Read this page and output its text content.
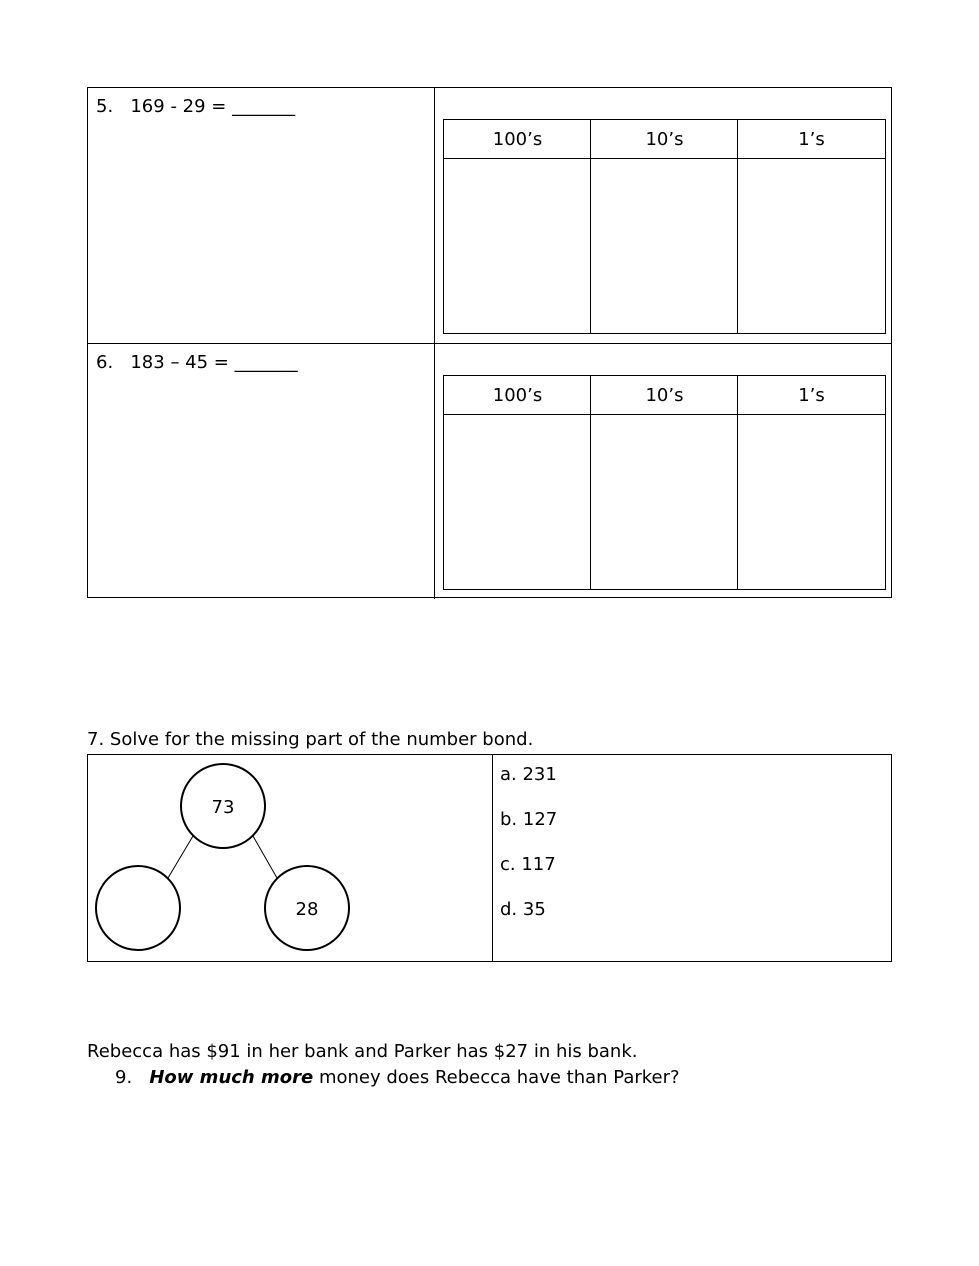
5. 169 - 29 = _______
100’s	10’s	1’s
6. 183 – 45 = _______
100’s	10’s	1’s
7. Solve for the missing part of the number bond.
73
28
a. 231
b. 127
c. 117
d. 35
Rebecca has $91 in her bank and Parker has $27 in his bank.
9. How much more money does Rebecca have than Parker?
